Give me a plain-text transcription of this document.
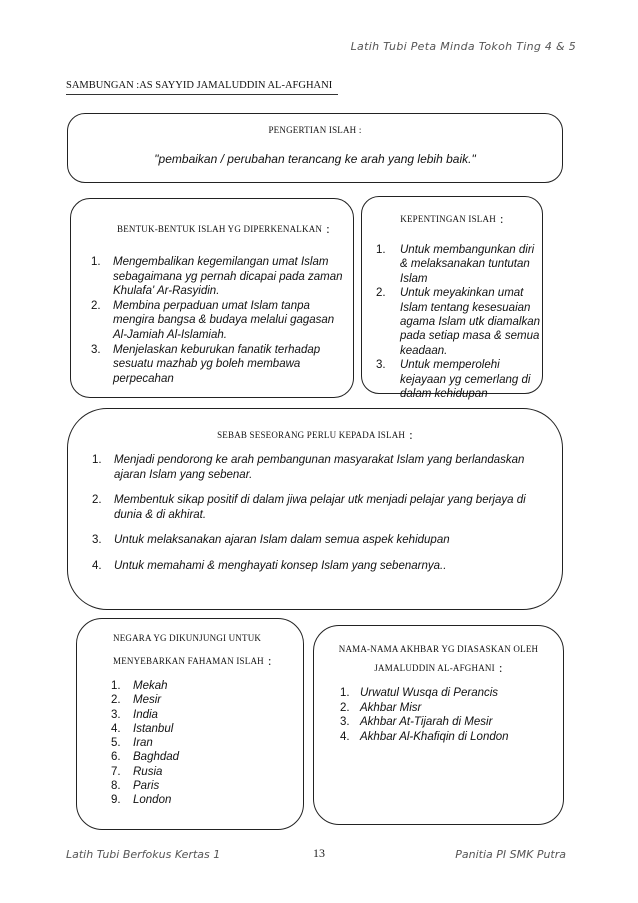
Latih Tubi Peta Minda Tokoh Ting 4 & 5
SAMBUNGAN :AS SAYYID JAMALUDDIN AL-AFGHANI
PENGERTIAN ISLAH :
"pembaikan / perubahan terancang ke arah yang lebih baik."
BENTUK-BENTUK ISLAH YG DIPERKENALKAN :
1. Mengembalikan kegemilangan umat Islam sebagaimana yg pernah dicapai pada zaman Khulafa' Ar-Rasyidin.
2. Membina perpaduan umat Islam tanpa mengira bangsa & budaya melalui gagasan Al-Jamiah Al-Islamiah.
3. Menjelaskan keburukan fanatik terhadap sesuatu mazhab yg boleh membawa perpecahan
KEPENTINGAN ISLAH :
1. Untuk membangunkan diri & melaksanakan tuntutan Islam
2. Untuk meyakinkan umat Islam tentang kesesuaian agama Islam utk diamalkan pada setiap masa & semua keadaan.
3. Untuk memperolehi kejayaan yg cemerlang di dalam kehidupan
SEBAB SESEORANG PERLU KEPADA ISLAH :
1. Menjadi pendorong ke arah pembangunan masyarakat Islam yang berlandaskan ajaran Islam yang sebenar.
2. Membentuk sikap positif di dalam jiwa pelajar utk menjadi pelajar yang berjaya di dunia & di akhirat.
3. Untuk melaksanakan ajaran Islam dalam semua aspek kehidupan
4. Untuk memahami & menghayati konsep Islam yang sebenarnya..
NEGARA YG DIKUNJUNGI UNTUK
MENYEBARKAN FAHAMAN ISLAH :
1. Mekah
2. Mesir
3. India
4. Istanbul
5. Iran
6. Baghdad
7. Rusia
8. Paris
9. London
NAMA-NAMA AKHBAR YG DIASASKAN OLEH
JAMALUDDIN AL-AFGHANI :
1. Urwatul Wusqa di Perancis
2. Akhbar Misr
3. Akhbar At-Tijarah di Mesir
4. Akhbar Al-Khafiqin di London
Latih Tubi Berfokus Kertas 1	13	Panitia PI SMK Putra
